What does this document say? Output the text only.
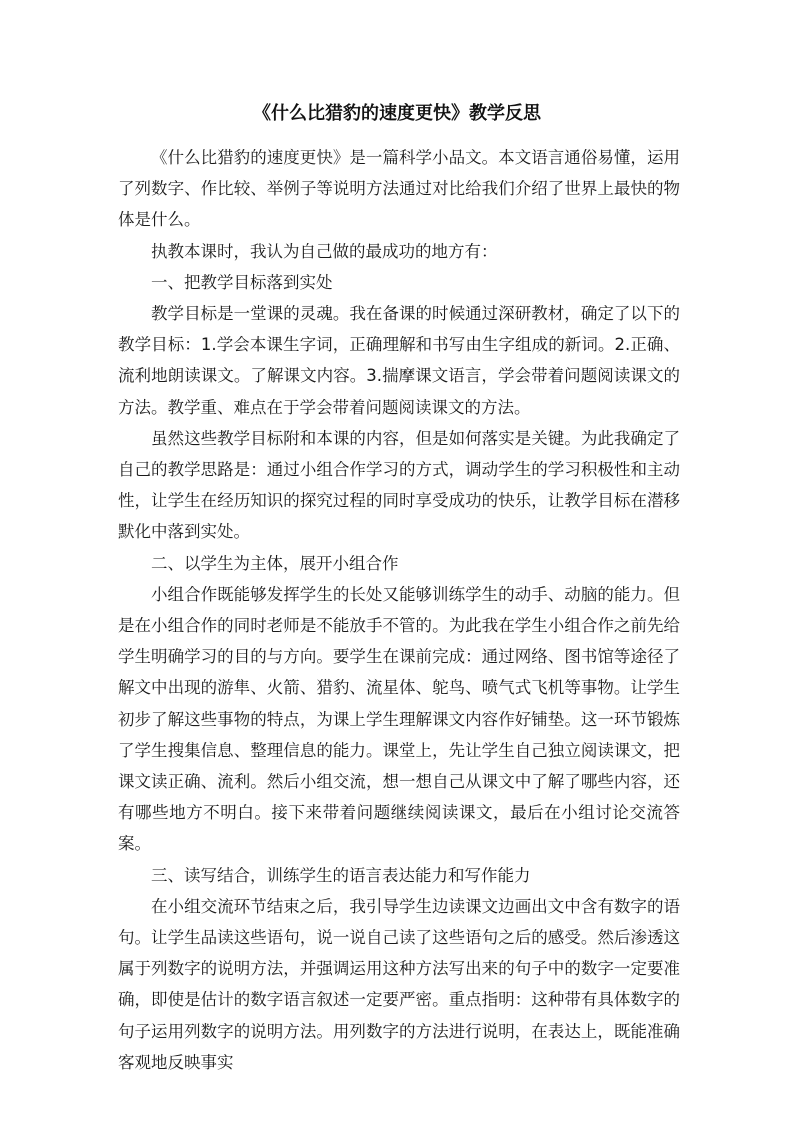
《什么比猎豹的速度更快》教学反思

《什么比猎豹的速度更快》是一篇科学小品文。本文语言通俗易懂，运用了列数字、作比较、举例子等说明方法通过对比给我们介绍了世界上最快的物体是什么。

执教本课时，我认为自己做的最成功的地方有：

一、把教学目标落到实处

教学目标是一堂课的灵魂。我在备课的时候通过深研教材，确定了以下的教学目标：1.学会本课生字词，正确理解和书写由生字组成的新词。2.正确、流利地朗读课文。了解课文内容。3.揣摩课文语言，学会带着问题阅读课文的方法。教学重、难点在于学会带着问题阅读课文的方法。

虽然这些教学目标附和本课的内容，但是如何落实是关键。为此我确定了自己的教学思路是：通过小组合作学习的方式，调动学生的学习积极性和主动性，让学生在经历知识的探究过程的同时享受成功的快乐，让教学目标在潜移默化中落到实处。

二、以学生为主体，展开小组合作

小组合作既能够发挥学生的长处又能够训练学生的动手、动脑的能力。但是在小组合作的同时老师是不能放手不管的。为此我在学生小组合作之前先给学生明确学习的目的与方向。要学生在课前完成：通过网络、图书馆等途径了解文中出现的游隼、火箭、猎豹、流星体、鸵鸟、喷气式飞机等事物。让学生初步了解这些事物的特点，为课上学生理解课文内容作好铺垫。这一环节锻炼了学生搜集信息、整理信息的能力。课堂上，先让学生自己独立阅读课文，把课文读正确、流利。然后小组交流，想一想自己从课文中了解了哪些内容，还有哪些地方不明白。接下来带着问题继续阅读课文，最后在小组讨论交流答案。

三、读写结合，训练学生的语言表达能力和写作能力

在小组交流环节结束之后，我引导学生边读课文边画出文中含有数字的语句。让学生品读这些语句，说一说自己读了这些语句之后的感受。然后渗透这属于列数字的说明方法，并强调运用这种方法写出来的句子中的数字一定要准确，即使是估计的数字语言叙述一定要严密。重点指明：这种带有具体数字的句子运用列数字的说明方法。用列数字的方法进行说明，在表达上，既能准确客观地反映事实
